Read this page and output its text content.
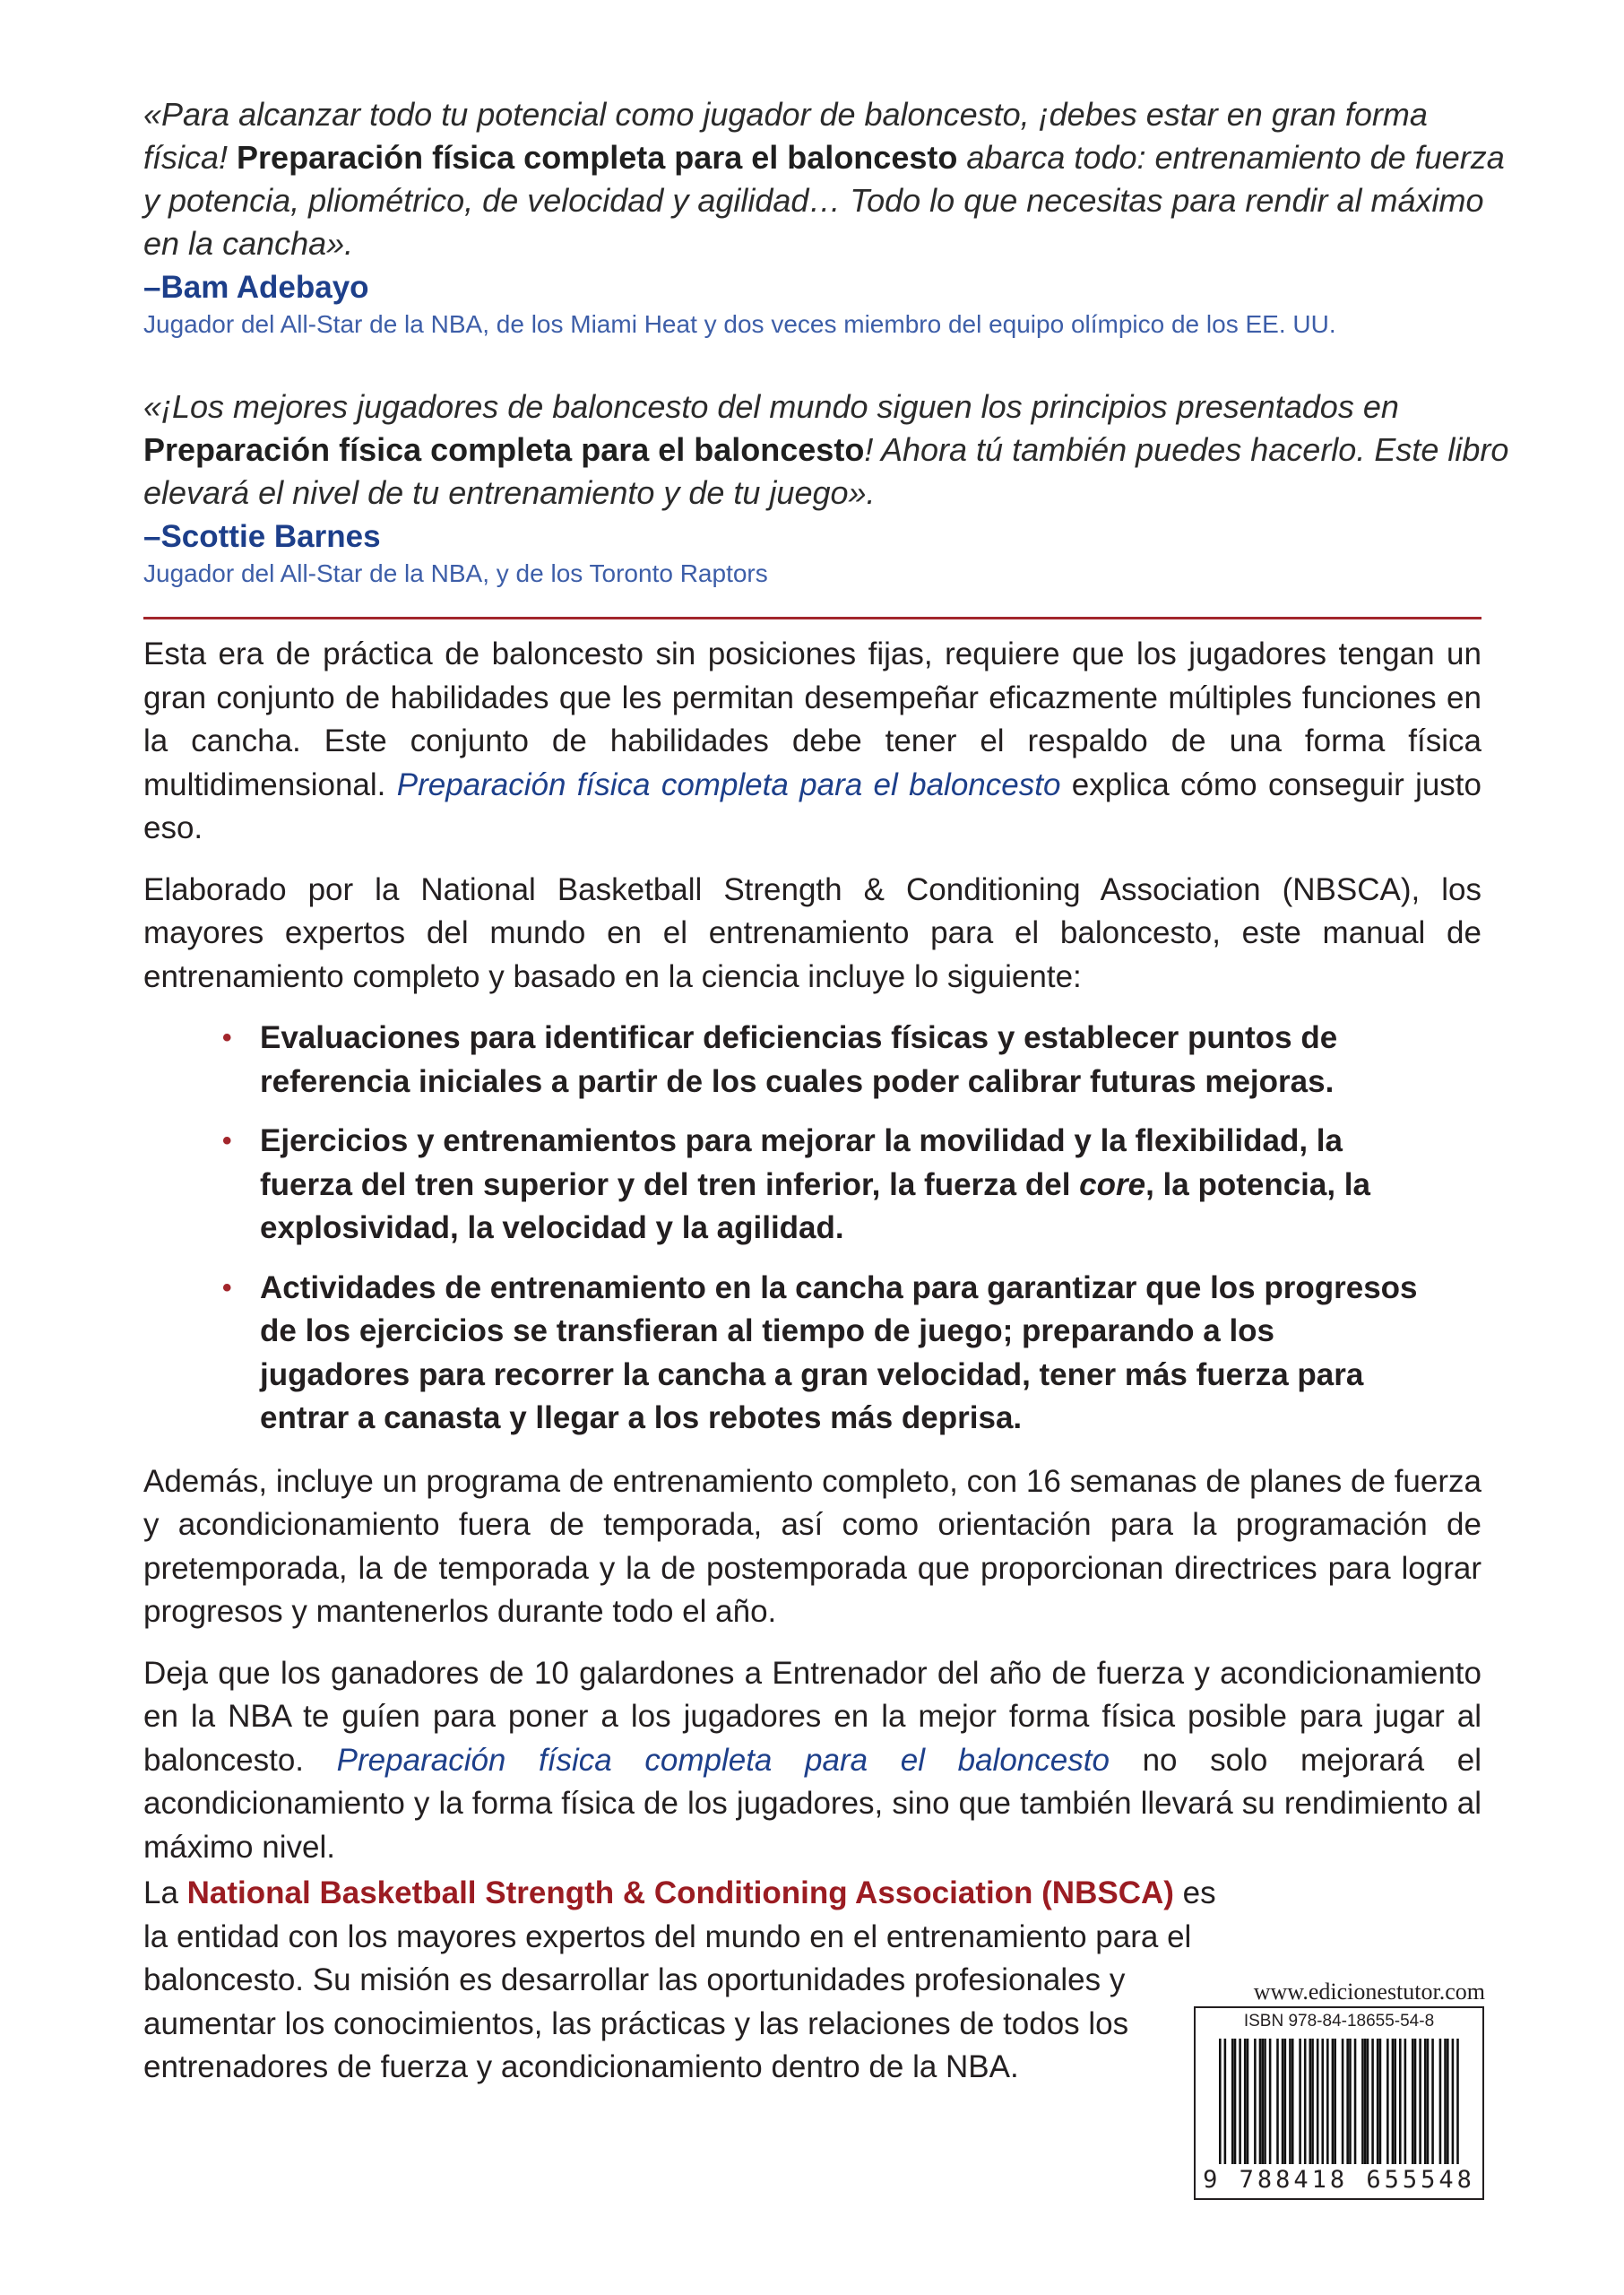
«Para alcanzar todo tu potencial como jugador de baloncesto, ¡debes estar en gran forma física! Preparación física completa para el baloncesto abarca todo: entrenamiento de fuerza y potencia, pliométrico, de velocidad y agilidad… Todo lo que necesitas para rendir al máximo en la cancha».
–Bam Adebayo
Jugador del All-Star de la NBA, de los Miami Heat y dos veces miembro del equipo olímpico de los EE. UU.
«¡Los mejores jugadores de baloncesto del mundo siguen los principios presentados en Preparación física completa para el baloncesto! Ahora tú también puedes hacerlo. Este libro elevará el nivel de tu entrenamiento y de tu juego».
–Scottie Barnes
Jugador del All-Star de la NBA, y de los Toronto Raptors

Esta era de práctica de baloncesto sin posiciones fijas, requiere que los jugadores tengan un gran conjunto de habilidades que les permitan desempeñar eficazmente múltiples funciones en la cancha. Este conjunto de habilidades debe tener el respaldo de una forma física multidimensional. Preparación física completa para el baloncesto explica cómo conseguir justo eso.

Elaborado por la National Basketball Strength & Conditioning Association (NBSCA), los mayores expertos del mundo en el entrenamiento para el baloncesto, este manual de entrenamiento completo y basado en la ciencia incluye lo siguiente:

• Evaluaciones para identificar deficiencias físicas y establecer puntos de referencia iniciales a partir de los cuales poder calibrar futuras mejoras.
• Ejercicios y entrenamientos para mejorar la movilidad y la flexibilidad, la fuerza del tren superior y del tren inferior, la fuerza del core, la potencia, la explosividad, la velocidad y la agilidad.
• Actividades de entrenamiento en la cancha para garantizar que los progresos de los ejercicios se transfieran al tiempo de juego; preparando a los jugadores para recorrer la cancha a gran velocidad, tener más fuerza para entrar a canasta y llegar a los rebotes más deprisa.

Además, incluye un programa de entrenamiento completo, con 16 semanas de planes de fuerza y acondicionamiento fuera de temporada, así como orientación para la programación de pretemporada, la de temporada y la de postemporada que proporcionan directrices para lograr progresos y mantenerlos durante todo el año.

Deja que los ganadores de 10 galardones a Entrenador del año de fuerza y acondicionamiento en la NBA te guíen para poner a los jugadores en la mejor forma física posible para jugar al baloncesto. Preparación física completa para el baloncesto no solo mejorará el acondicionamiento y la forma física de los jugadores, sino que también llevará su rendimiento al máximo nivel.

La National Basketball Strength & Conditioning Association (NBSCA) es la entidad con los mayores expertos del mundo en el entrenamiento para el baloncesto. Su misión es desarrollar las oportunidades profesionales y aumentar los conocimientos, las prácticas y las relaciones de todos los entrenadores de fuerza y acondicionamiento dentro de la NBA.
www.edicionestutor.com
ISBN 978-84-18655-54-8
9 788418 655548
